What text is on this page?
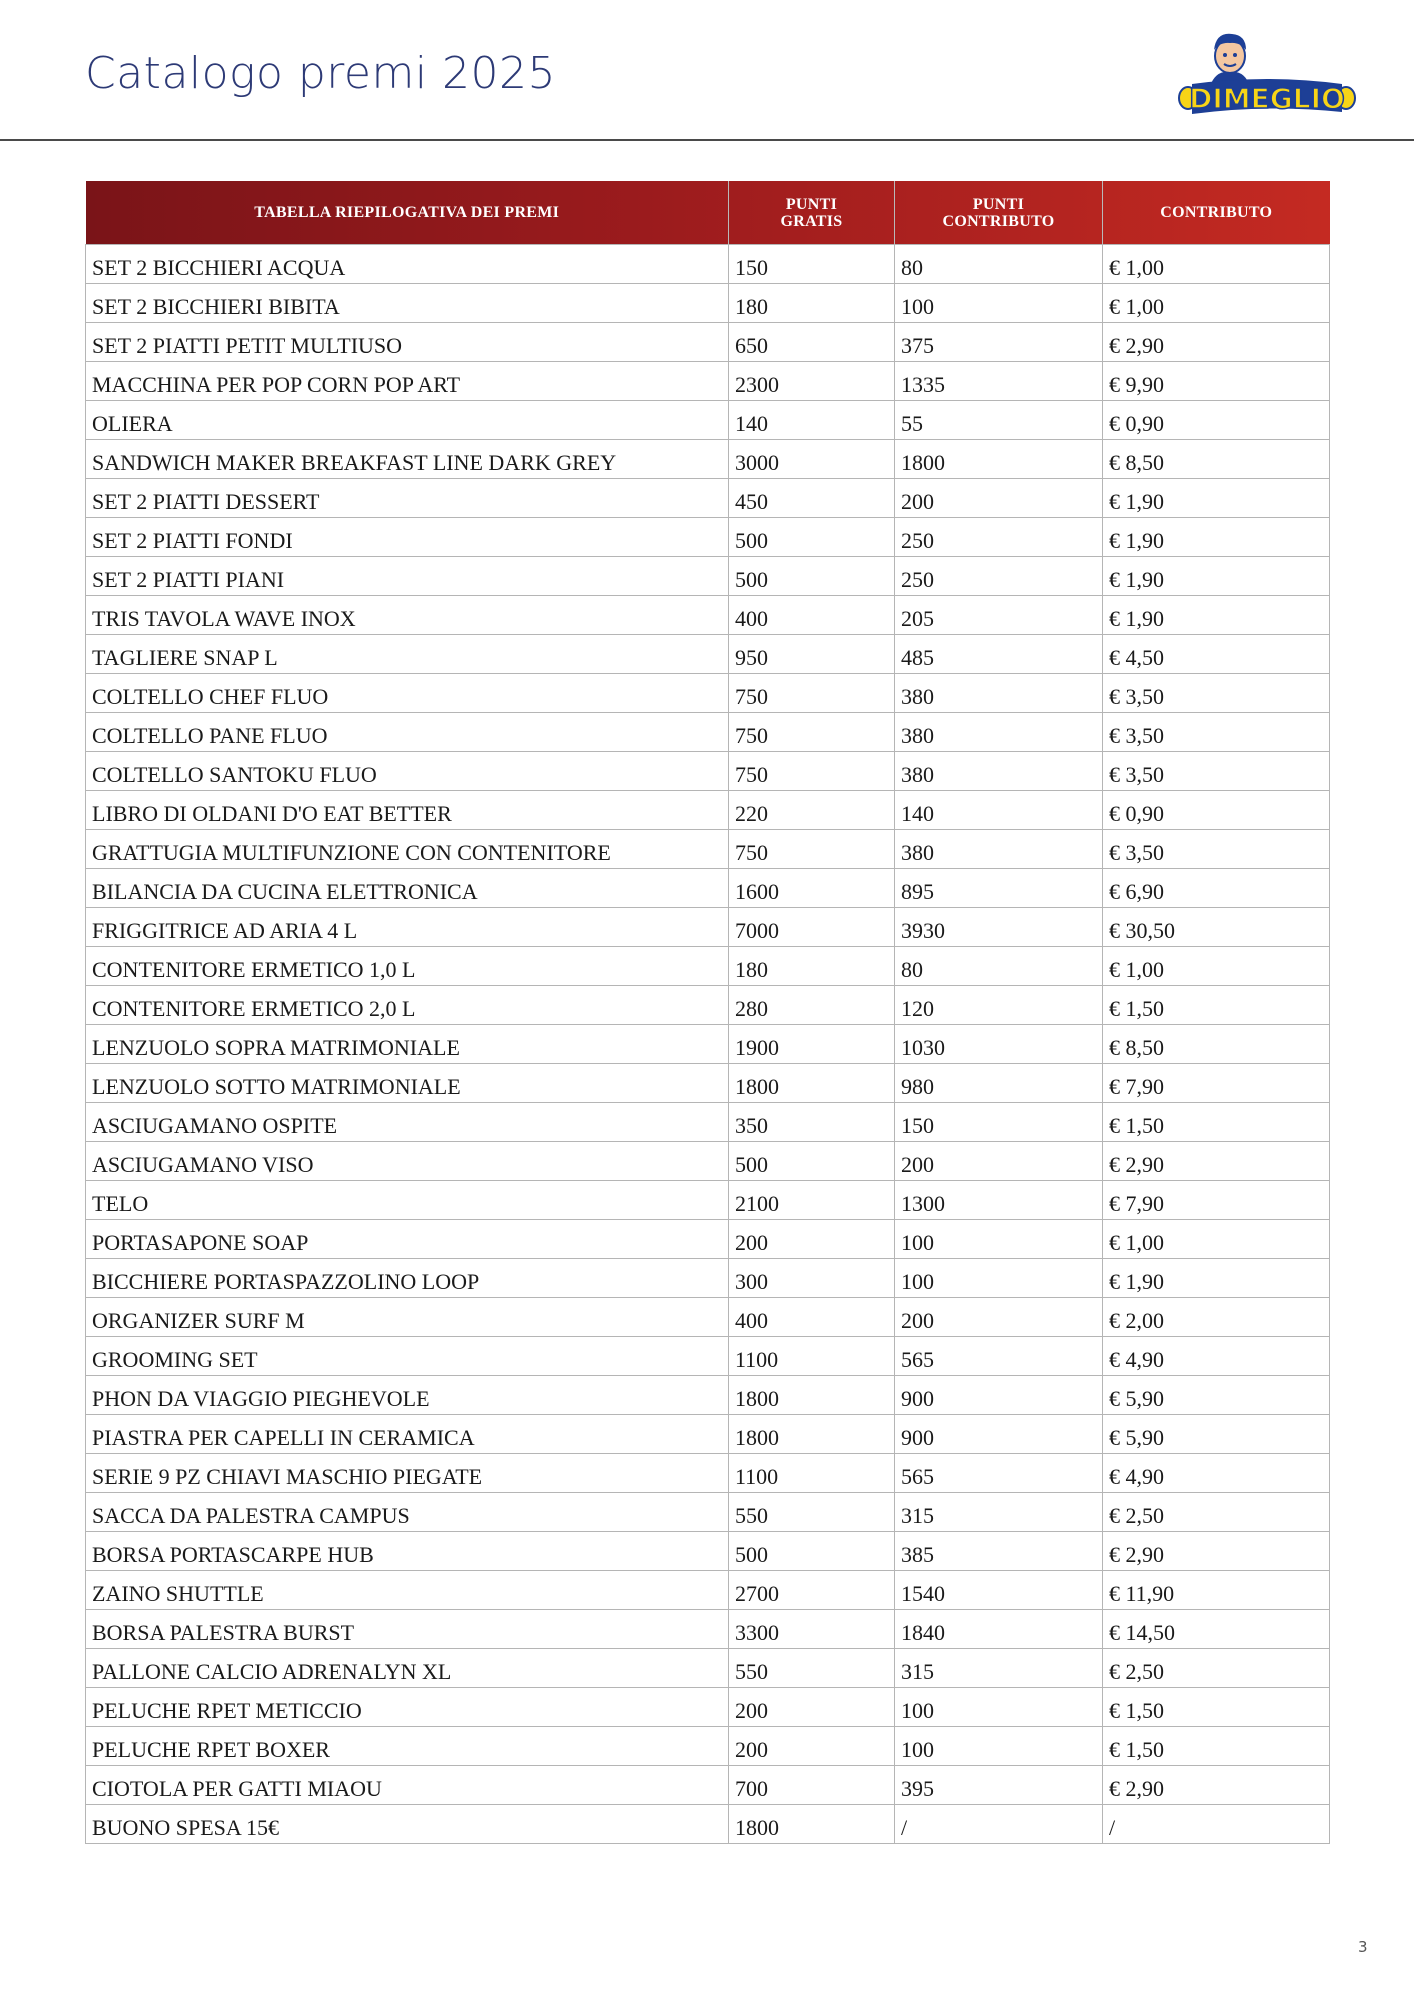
Catalogo premi 2025	DIMEGLIO
TABELLA RIEPILOGATIVA DEI PREMI	PUNTI GRATIS	PUNTI CONTRIBUTO	CONTRIBUTO
SET 2 BICCHIERI ACQUA	150	80	€ 1,00
SET 2 BICCHIERI BIBITA	180	100	€ 1,00
SET 2 PIATTI PETIT MULTIUSO	650	375	€ 2,90
MACCHINA PER POP CORN POP ART	2300	1335	€ 9,90
OLIERA	140	55	€ 0,90
SANDWICH MAKER BREAKFAST LINE DARK GREY	3000	1800	€ 8,50
SET 2 PIATTI DESSERT	450	200	€ 1,90
SET 2 PIATTI FONDI	500	250	€ 1,90
SET 2 PIATTI PIANI	500	250	€ 1,90
TRIS TAVOLA WAVE INOX	400	205	€ 1,90
TAGLIERE SNAP L	950	485	€ 4,50
COLTELLO CHEF FLUO	750	380	€ 3,50
COLTELLO PANE FLUO	750	380	€ 3,50
COLTELLO SANTOKU FLUO	750	380	€ 3,50
LIBRO DI OLDANI D'O EAT BETTER	220	140	€ 0,90
GRATTUGIA MULTIFUNZIONE CON CONTENITORE	750	380	€ 3,50
BILANCIA DA CUCINA ELETTRONICA	1600	895	€ 6,90
FRIGGITRICE AD ARIA 4 L	7000	3930	€ 30,50
CONTENITORE ERMETICO 1,0 L	180	80	€ 1,00
CONTENITORE ERMETICO 2,0 L	280	120	€ 1,50
LENZUOLO SOPRA MATRIMONIALE	1900	1030	€ 8,50
LENZUOLO SOTTO MATRIMONIALE	1800	980	€ 7,90
ASCIUGAMANO OSPITE	350	150	€ 1,50
ASCIUGAMANO VISO	500	200	€ 2,90
TELO	2100	1300	€ 7,90
PORTASAPONE SOAP	200	100	€ 1,00
BICCHIERE PORTASPAZZOLINO LOOP	300	100	€ 1,90
ORGANIZER SURF M	400	200	€ 2,00
GROOMING SET	1100	565	€ 4,90
PHON DA VIAGGIO PIEGHEVOLE	1800	900	€ 5,90
PIASTRA PER CAPELLI IN CERAMICA	1800	900	€ 5,90
SERIE 9 PZ CHIAVI MASCHIO PIEGATE	1100	565	€ 4,90
SACCA DA PALESTRA CAMPUS	550	315	€ 2,50
BORSA PORTASCARPE HUB	500	385	€ 2,90
ZAINO SHUTTLE	2700	1540	€ 11,90
BORSA PALESTRA BURST	3300	1840	€ 14,50
PALLONE CALCIO ADRENALYN XL	550	315	€ 2,50
PELUCHE RPET METICCIO	200	100	€ 1,50
PELUCHE RPET BOXER	200	100	€ 1,50
CIOTOLA PER GATTI MIAOU	700	395	€ 2,90
BUONO SPESA 15€	1800	/	/
3
